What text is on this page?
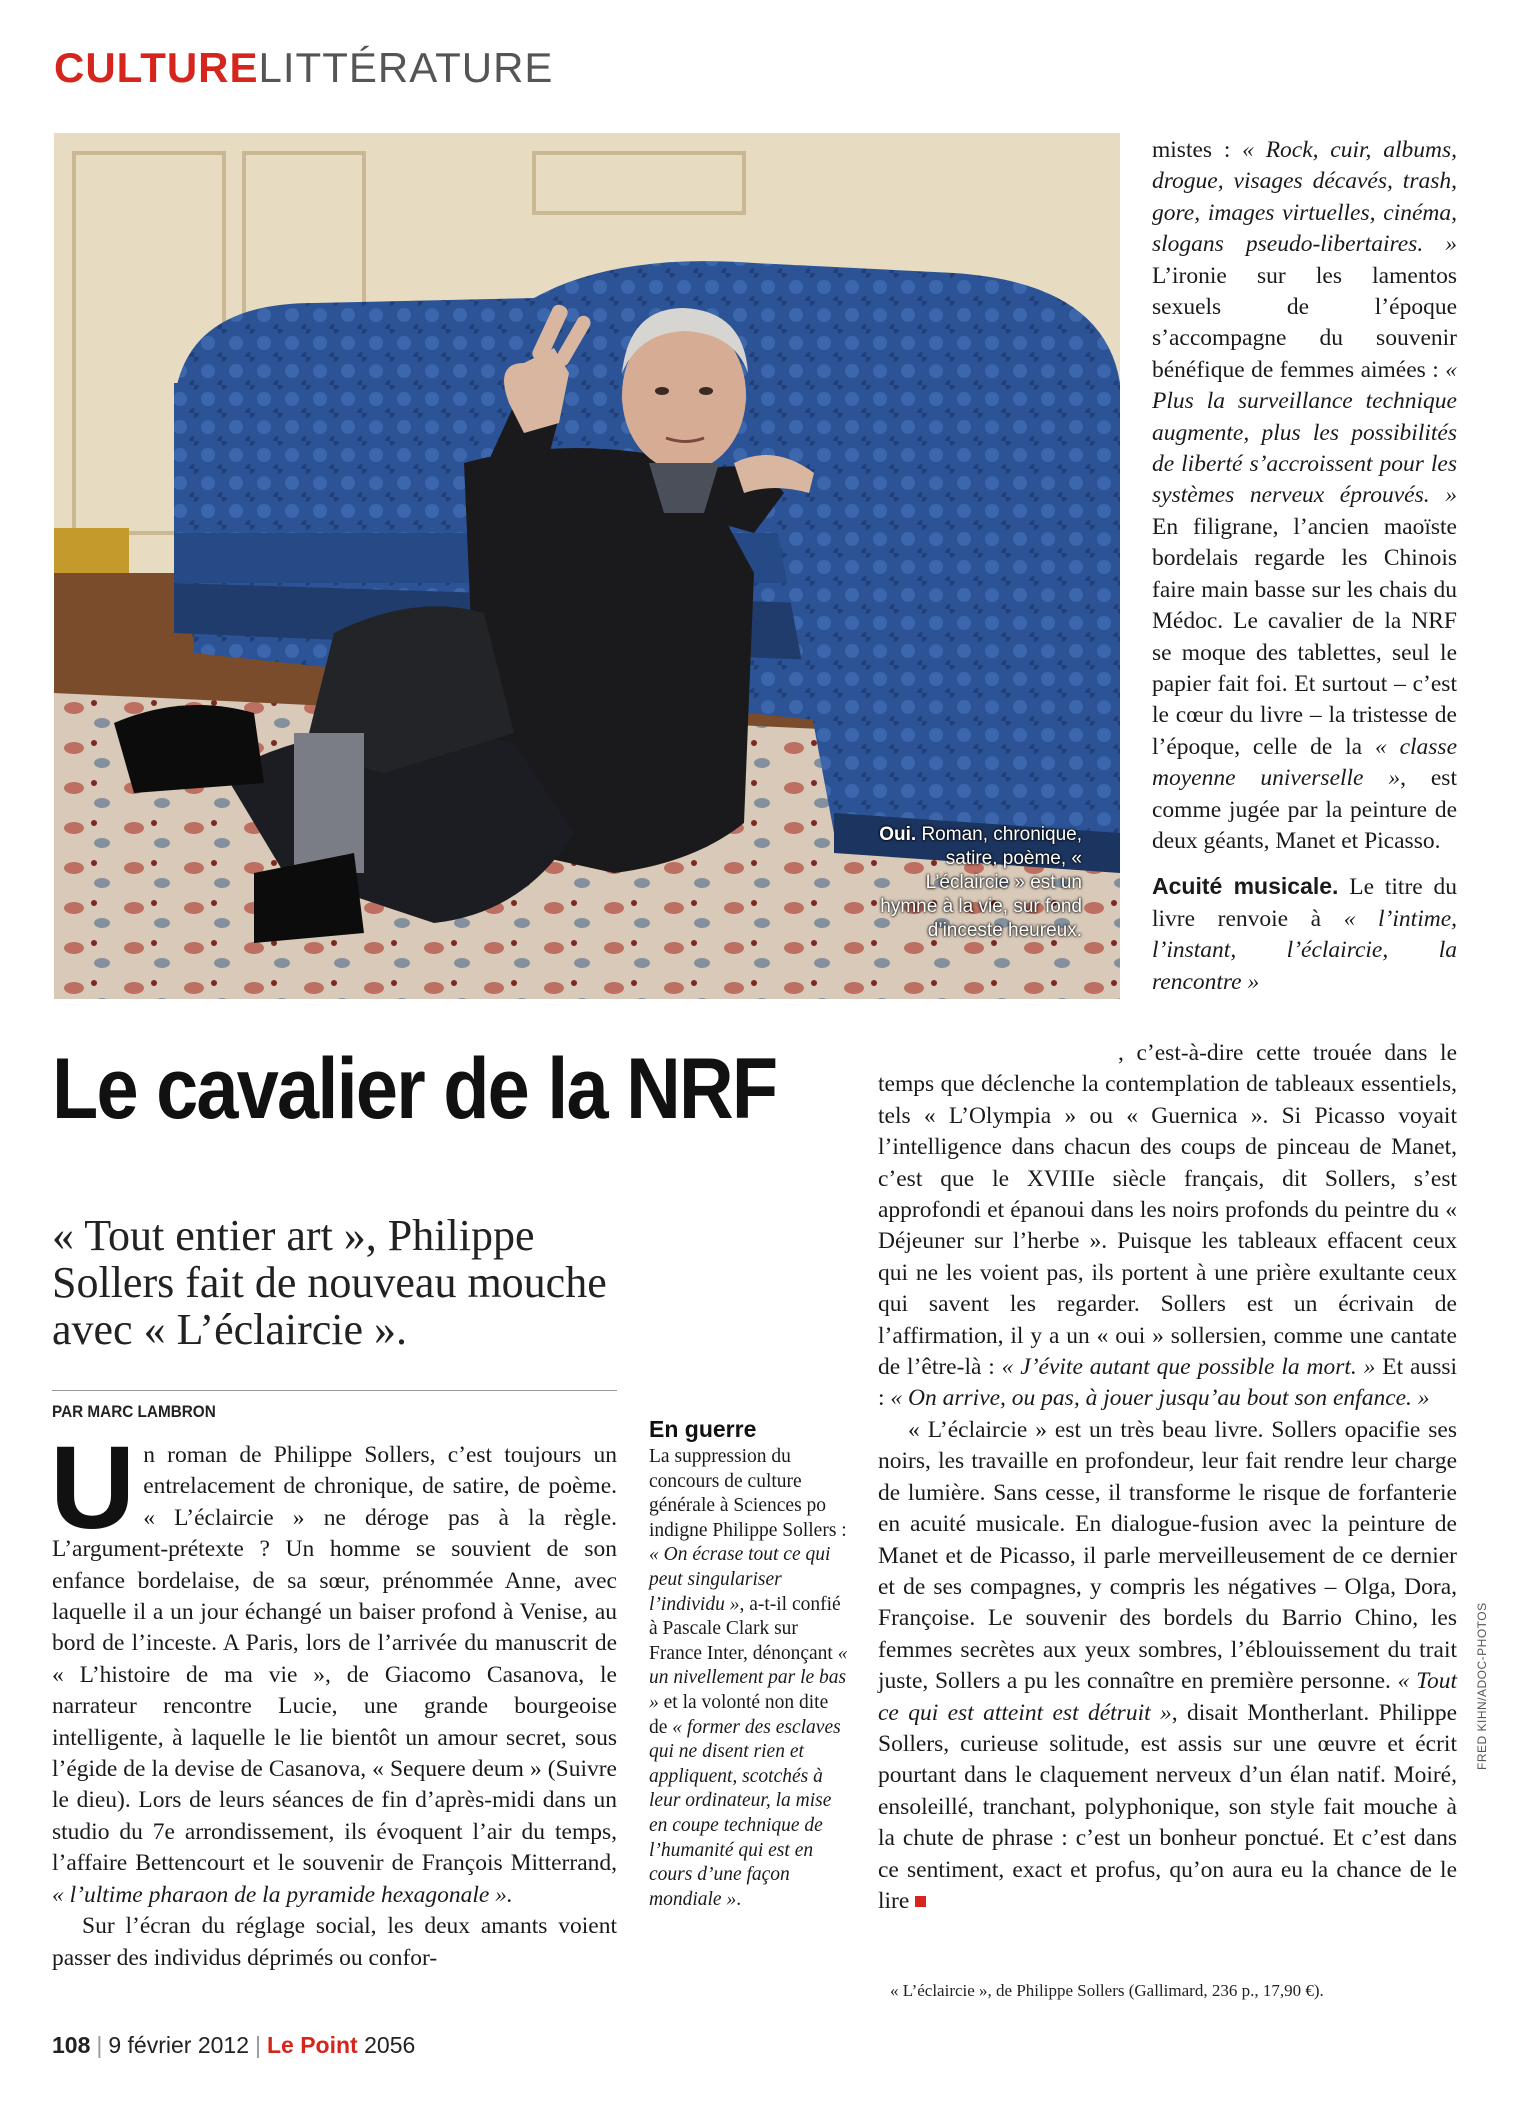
CULTURELITTÉRATURE
Oui. Roman, chronique, satire, poème, « L’éclaircie » est un hymne à la vie, sur fond d’inceste heureux.
Le cavalier de la NRF
« Tout entier art », Philippe Sollers fait de nouveau mouche avec « L’éclaircie ».
PAR MARC LAMBRON

U n roman de Philippe Sollers, c’est toujours un entrelacement de chronique, de satire, de poème. « L’éclaircie » ne déroge pas à la règle. L’argument-prétexte ? Un homme se souvient de son enfance bordelaise, de sa sœur, prénommée Anne, avec laquelle il a un jour échangé un baiser profond à Venise, au bord de l’inceste. A Paris, lors de l’arrivée du manuscrit de « L’histoire de ma vie », de Giacomo Casanova, le narrateur rencontre Lucie, une grande bourgeoise intelligente, à laquelle le lie bientôt un amour secret, sous l’égide de la devise de Casanova, « Sequere deum » (Suivre le dieu). Lors de leurs séances de fin d’après-midi dans un studio du 7e arrondissement, ils évoquent l’air du temps, l’affaire Bettencourt et le souvenir de François Mitterrand, « l’ultime pharaon de la pyramide hexagonale ».

Sur l’écran du réglage social, les deux amants voient passer des individus déprimés ou confor-

En guerre
La suppression du concours de culture générale à Sciences po indigne Philippe Sollers : « On écrase tout ce qui peut singulariser l’individu », a-t-il confié à Pascale Clark sur France Inter, dénonçant « un nivellement par le bas » et la volonté non dite de « former des esclaves qui ne disent rien et appliquent, scotchés à leur ordinateur, la mise en coupe technique de l’humanité qui est en cours d’une façon mondiale ».

mistes : « Rock, cuir, albums, drogue, visages décavés, trash, gore, images virtuelles, cinéma, slogans pseudo-libertaires. » L’ironie sur les lamentos sexuels de l’époque s’accompagne du souvenir bénéfique de femmes aimées : « Plus la surveillance technique augmente, plus les possibilités de liberté s’accroissent pour les systèmes nerveux éprouvés. » En filigrane, l’ancien maoïste bordelais regarde les Chinois faire main basse sur les chais du Médoc. Le cavalier de la NRF se moque des tablettes, seul le papier fait foi. Et surtout – c’est le cœur du livre – la tristesse de l’époque, celle de la « classe moyenne universelle », est comme jugée par la peinture de deux géants, Manet et Picasso.

Acuité musicale. Le titre du livre renvoie à « l’intime, l’instant, l’éclaircie, la rencontre »

, c’est-à-dire cette trouée dans le temps que déclenche la contemplation de tableaux essentiels, tels « L’Olympia » ou « Guernica ». Si Picasso voyait l’intelligence dans chacun des coups de pinceau de Manet, c’est que le XVIIIe siècle français, dit Sollers, s’est approfondi et épanoui dans les noirs profonds du peintre du « Déjeuner sur l’herbe ». Puisque les tableaux effacent ceux qui ne les voient pas, ils portent à une prière exultante ceux qui savent les regarder. Sollers est un écrivain de l’affirmation, il y a un « oui » sollersien, comme une cantate de l’être-là : « J’évite autant que possible la mort. » Et aussi : « On arrive, ou pas, à jouer jusqu’au bout son enfance. »

« L’éclaircie » est un très beau livre. Sollers opacifie ses noirs, les travaille en profondeur, leur fait rendre leur charge de lumière. Sans cesse, il transforme le risque de forfanterie en acuité musicale. En dialogue-fusion avec la peinture de Manet et de Picasso, il parle merveilleusement de ce dernier et de ses compagnes, y compris les négatives – Olga, Dora, Françoise. Le souvenir des bordels du Barrio Chino, les femmes secrètes aux yeux sombres, l’éblouissement du trait juste, Sollers a pu les connaître en première personne. « Tout ce qui est atteint est détruit », disait Montherlant. Philippe Sollers, curieuse solitude, est assis sur une œuvre et écrit pourtant dans le claquement nerveux d’un élan natif. Moiré, ensoleillé, tranchant, polyphonique, son style fait mouche à la chute de phrase : c’est un bonheur ponctué. Et c’est dans ce sentiment, exact et profus, qu’on aura eu la chance de le lire

« L’éclaircie », de Philippe Sollers (Gallimard, 236 p., 17,90 €).
FRED KIHN/ADOC-PHOTOS
108 | 9 février 2012 | Le Point 2056
